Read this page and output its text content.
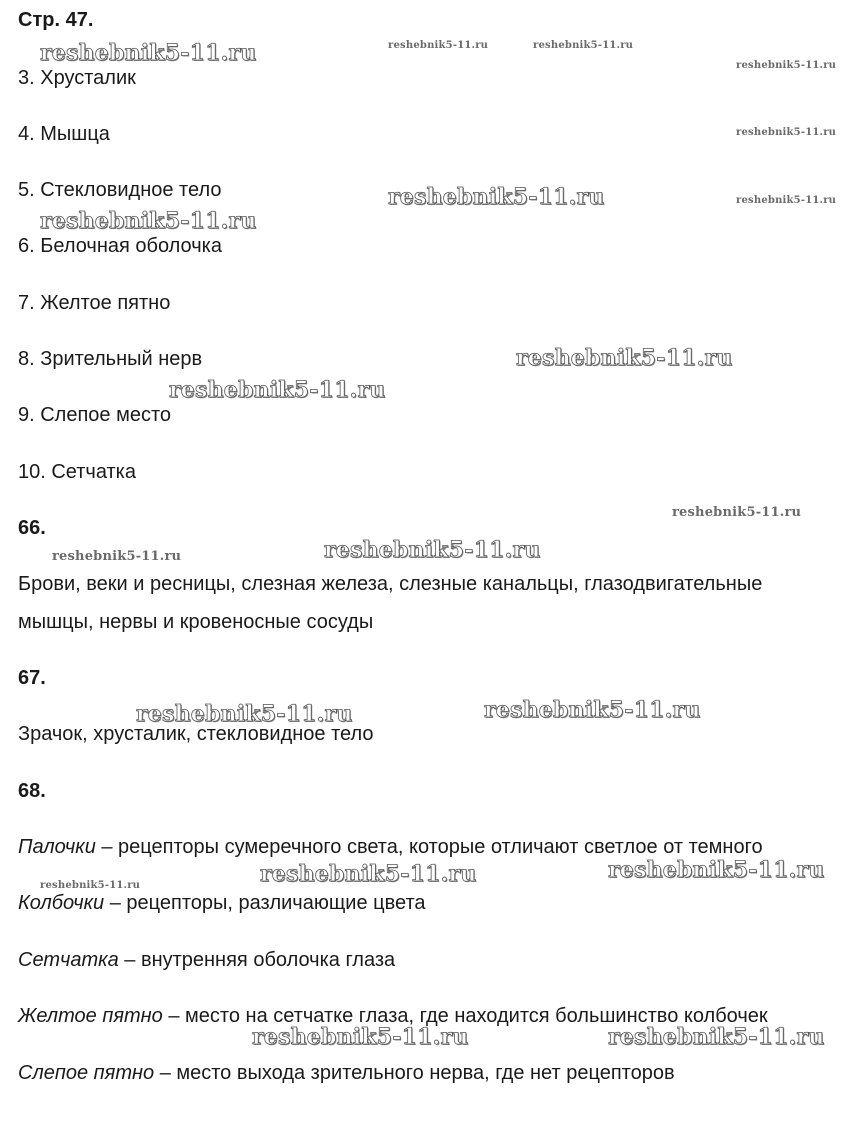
Стр. 47.
3. Хрусталик
4. Мышца
5. Стекловидное тело
6. Белочная оболочка
7. Желтое пятно
8. Зрительный нерв
9. Слепое место
10. Сетчатка
66.
Брови, веки и ресницы, слезная железа, слезные канальцы, глазодвигательные
мышцы, нервы и кровеносные сосуды
67.
Зрачок, хрусталик, стекловидное тело
68.
Палочки – рецепторы сумеречного света, которые отличают светлое от темного
Колбочки – рецепторы, различающие цвета
Сетчатка – внутренняя оболочка глаза
Желтое пятно – место на сетчатке глаза, где находится большинство колбочек
Слепое пятно – место выхода зрительного нерва, где нет рецепторов
reshebnik5-11.ru	reshebnik5-11.ru	reshebnik5-11.ru
reshebnik5-11.ru
reshebnik5-11.ru
reshebnik5-11.ru	reshebnik5-11.ru
reshebnik5-11.ru
reshebnik5-11.ru
reshebnik5-11.ru
reshebnik5-11.ru
reshebnik5-11.ru
reshebnik5-11.ru
reshebnik5-11.ru	reshebnik5-11.ru
reshebnik5-11.ru	reshebnik5-11.ru
reshebnik5-11.ru
reshebnik5-11.ru	reshebnik5-11.ru
